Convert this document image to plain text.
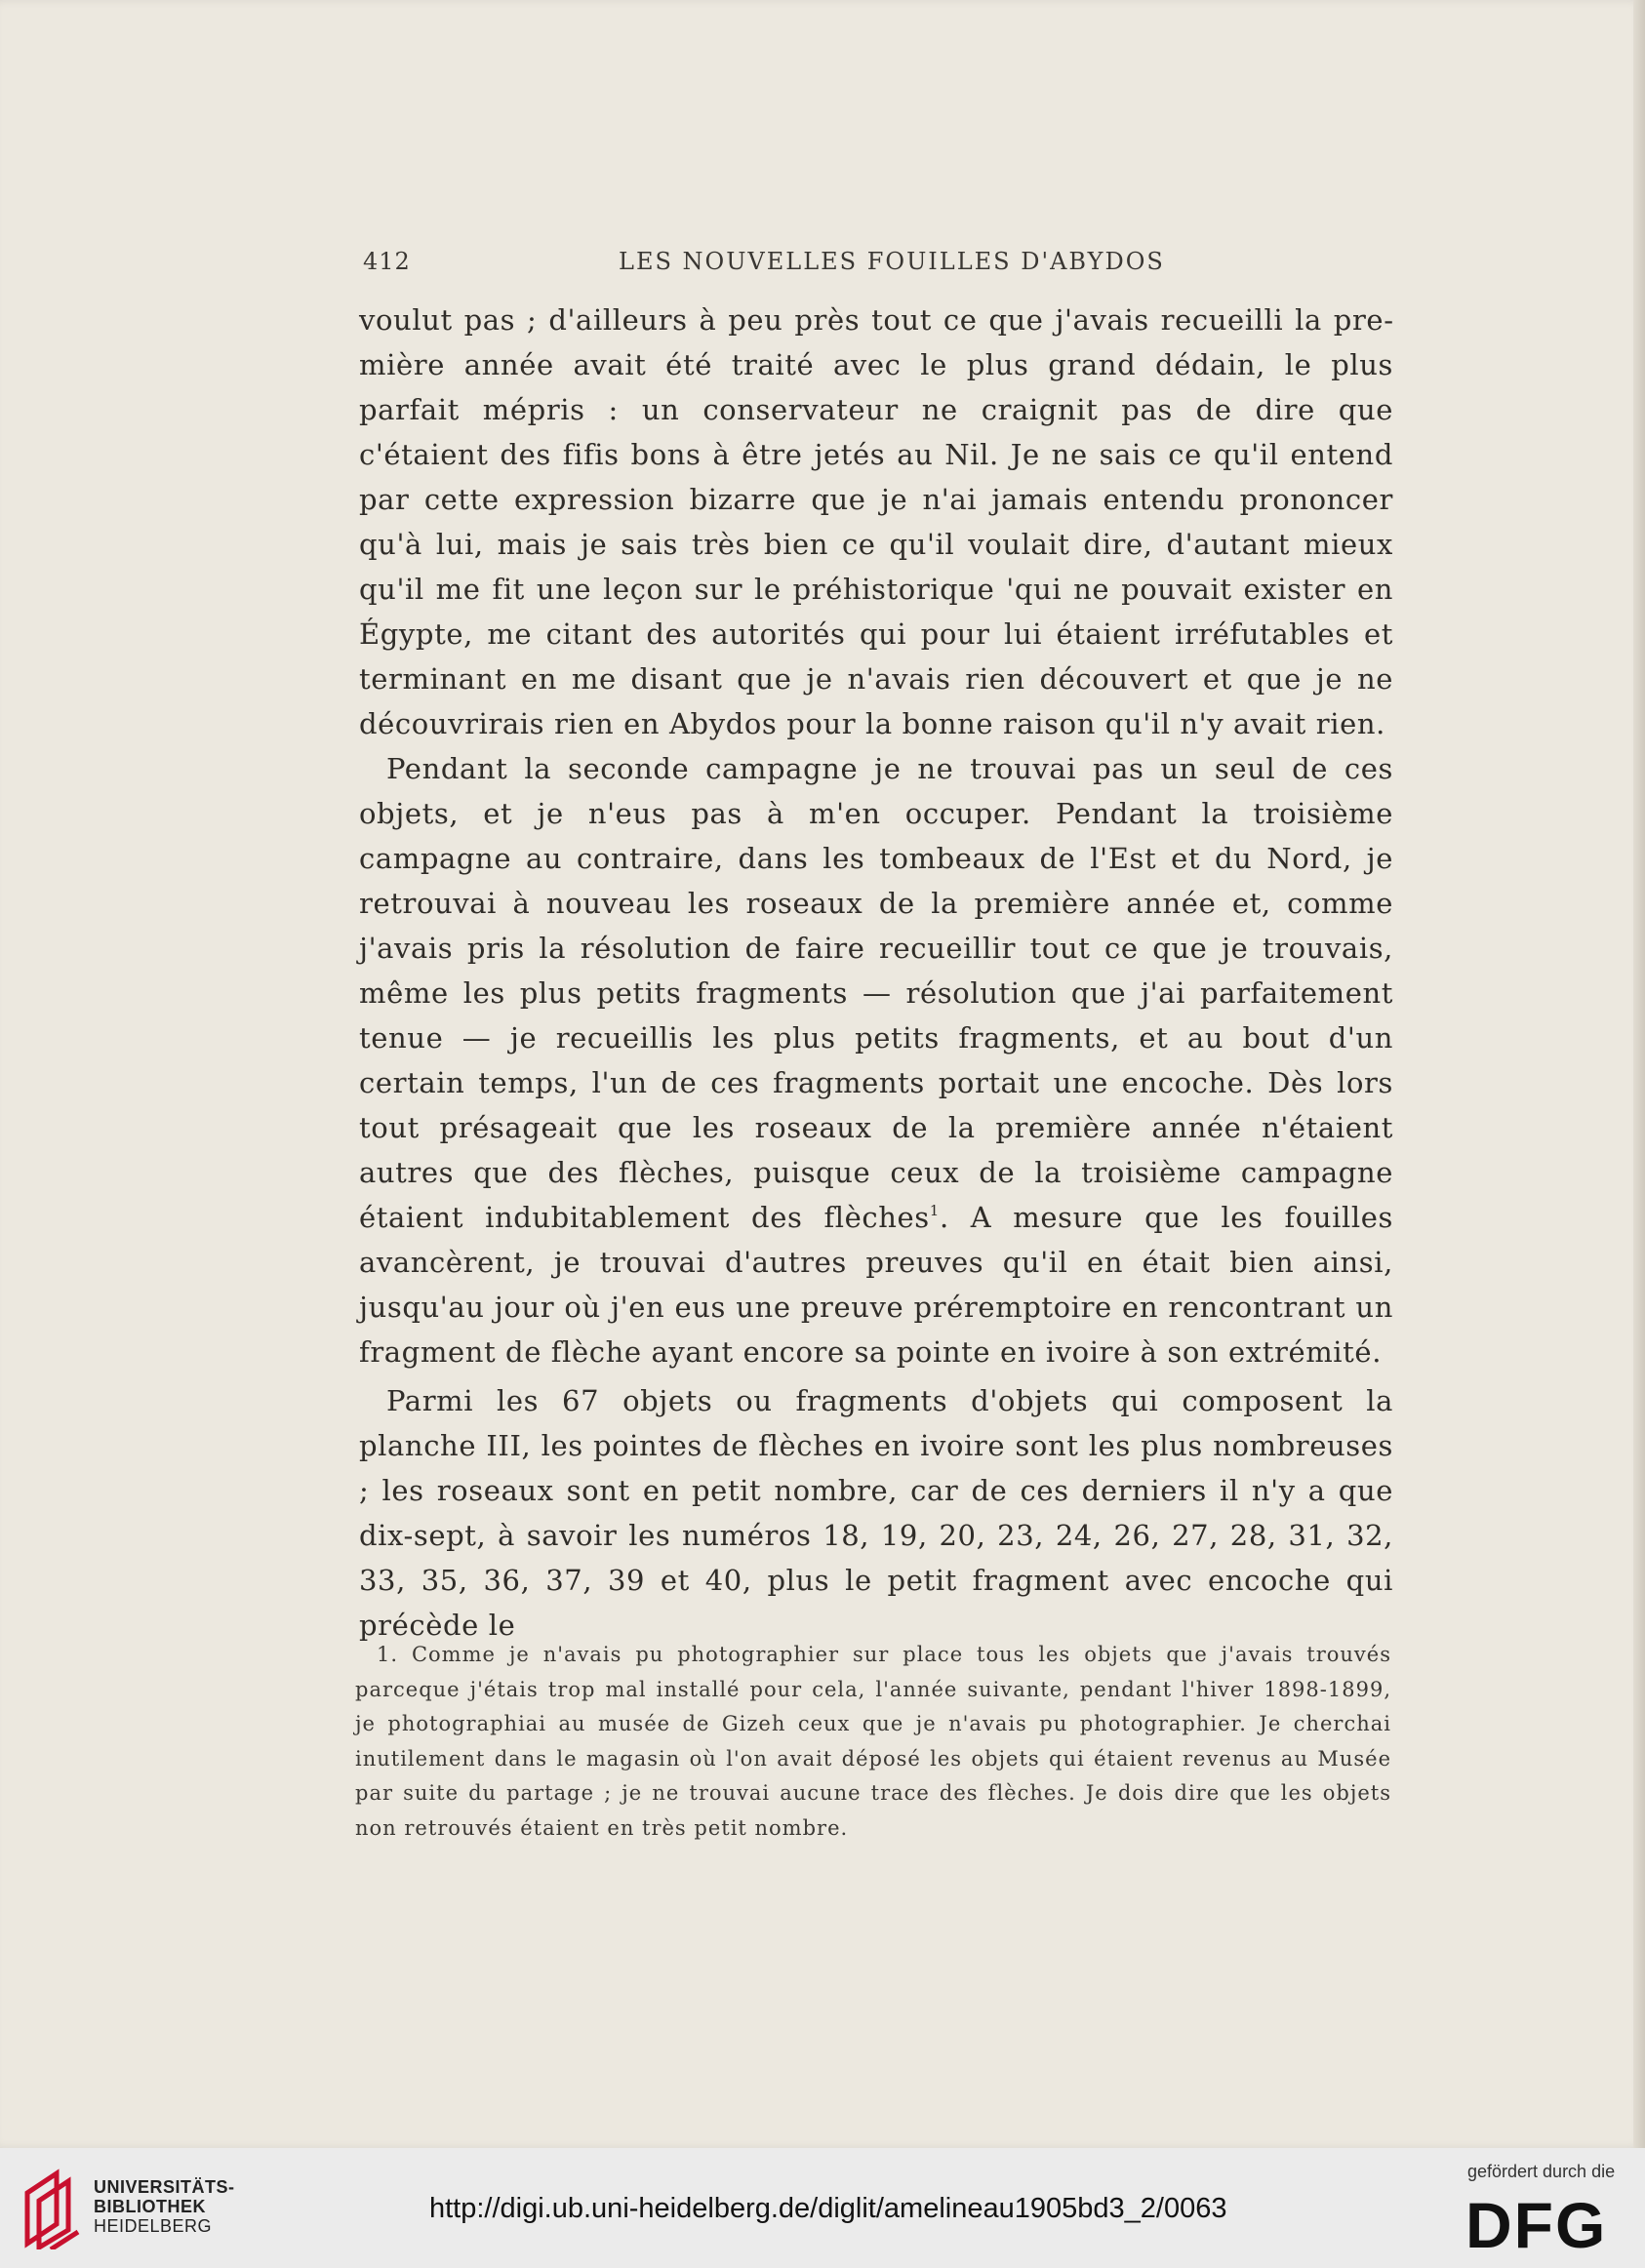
412	LES NOUVELLES FOUILLES D'ABYDOS

voulut pas ; d'ailleurs à peu près tout ce que j'avais recueilli la première année avait été traité avec le plus grand dédain, le plus parfait mépris : un conservateur ne craignit pas de dire que c'étaient des fifis bons à être jetés au Nil. Je ne sais ce qu'il entend par cette expression bizarre que je n'ai jamais entendu prononcer qu'à lui, mais je sais très bien ce qu'il voulait dire, d'autant mieux qu'il me fit une leçon sur le préhistorique 'qui ne pouvait exister en Égypte, me citant des autorités qui pour lui étaient irréfutables et terminant en me disant que je n'avais rien découvert et que je ne découvrirais rien en Abydos pour la bonne raison qu'il n'y avait rien.

Pendant la seconde campagne je ne trouvai pas un seul de ces objets, et je n'eus pas à m'en occuper. Pendant la troisième campagne au contraire, dans les tombeaux de l'Est et du Nord, je retrouvai à nouveau les roseaux de la première année et, comme j'avais pris la résolution de faire recueillir tout ce que je trouvais, même les plus petits fragments — résolution que j'ai parfaitement tenue — je recueillis les plus petits fragments, et au bout d'un certain temps, l'un de ces fragments portait une encoche. Dès lors tout présageait que les roseaux de la première année n'étaient autres que des flèches, puisque ceux de la troisième campagne étaient indubitablement des flèches$^1$. A mesure que les fouilles avancèrent, je trouvai d'autres preuves qu'il en était bien ainsi, jusqu'au jour où j'en eus une preuve préremptoire en rencontrant un fragment de flèche ayant encore sa pointe en ivoire à son extrémité.

Parmi les 67 objets ou fragments d'objets qui composent la planche III, les pointes de flèches en ivoire sont les plus nombreuses ; les roseaux sont en petit nombre, car de ces derniers il n'y a que dix-sept, à savoir les numéros 18, 19, 20, 23, 24, 26, 27, 28, 31, 32, 33, 35, 36, 37, 39 et 40, plus le petit fragment avec encoche qui précède le

1. Comme je n'avais pu photographier sur place tous les objets que j'avais trouvés parceque j'étais trop mal installé pour cela, l'année suivante, pendant l'hiver 1898-1899, je photographiai au musée de Gizeh ceux que je n'avais pu photographier. Je cherchai inutilement dans le magasin où l'on avait déposé les objets qui étaient revenus au Musée par suite du partage ; je ne trouvai aucune trace des flèches. Je dois dire que les objets non retrouvés étaient en très petit nombre.

UNIVERSITÄTS-
BIBLIOTHEK
HEIDELBERG
http://digi.ub.uni-heidelberg.de/diglit/amelineau1905bd3_2/0063
gefördert durch die
DFG
